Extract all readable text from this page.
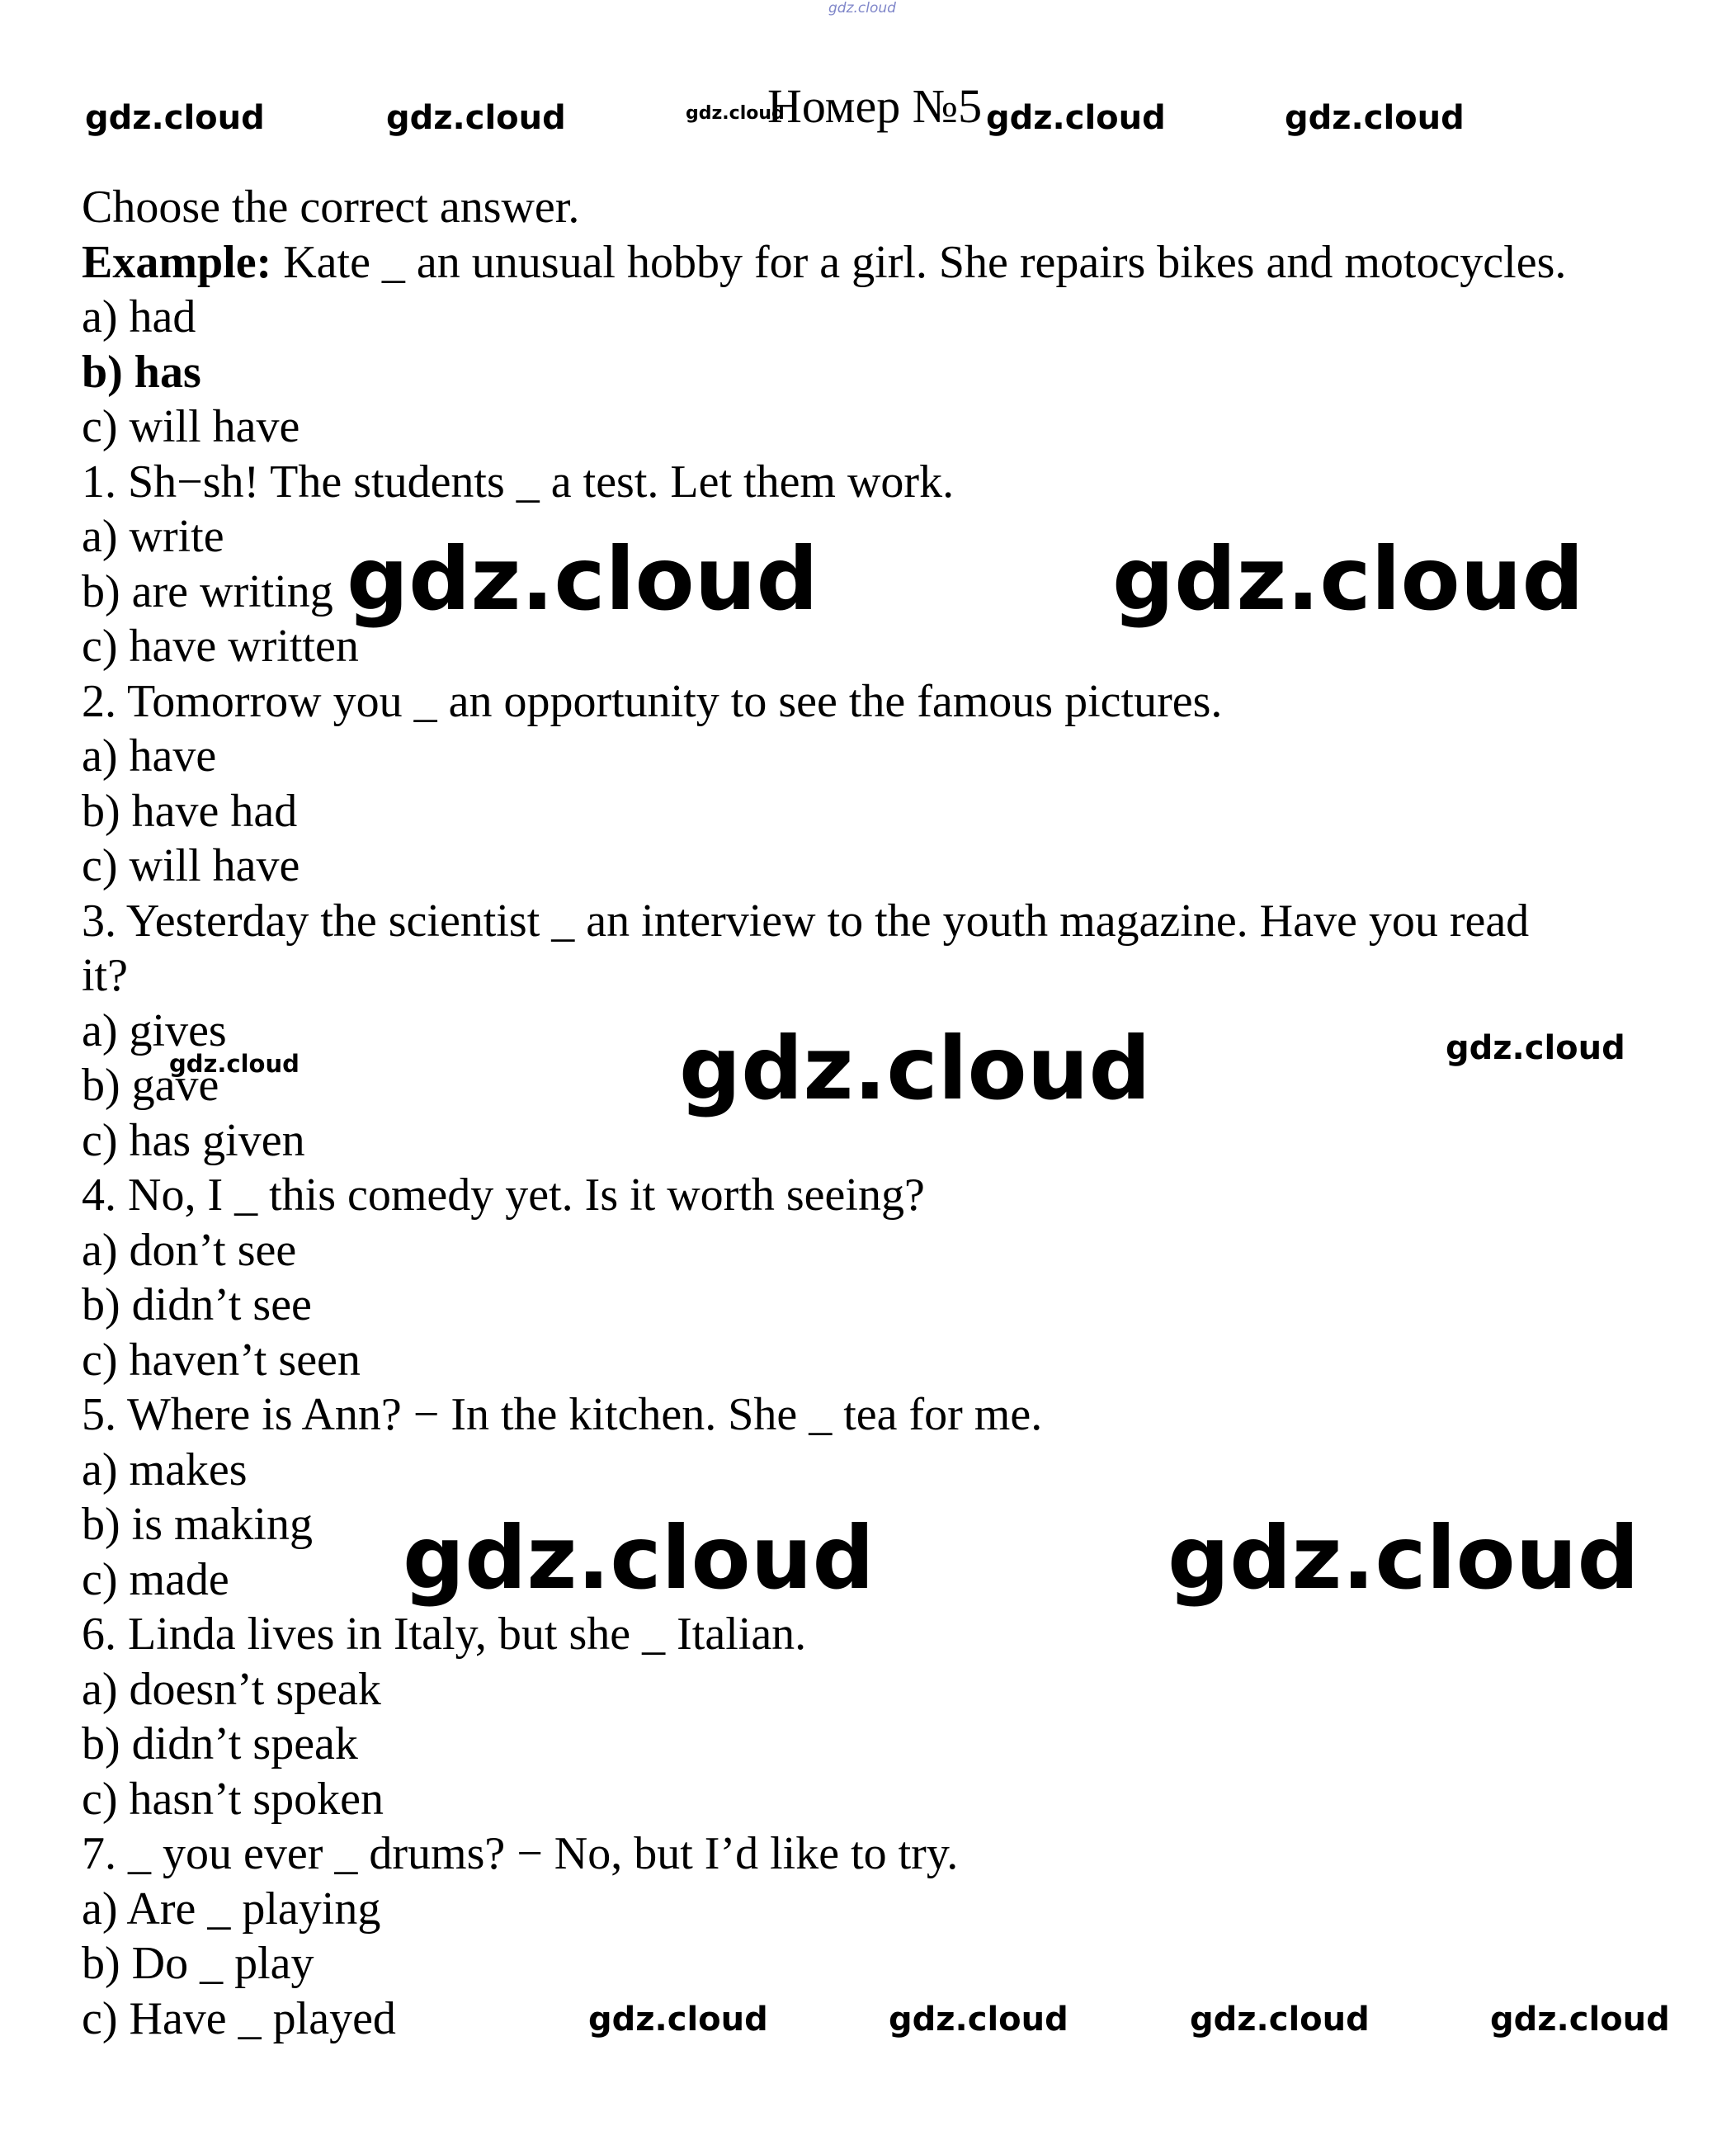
gdz.cloud
gdz.cloud	gdz.cloud	gdz.cloud	gdz.cloud	gdz.cloud
Номер №5
gdz.cloud	gdz.cloud
gdz.cloud	gdz.cloud
gdz.cloud
gdz.cloud	gdz.cloud
gdz.cloud	gdz.cloud	gdz.cloud	gdz.cloud
Choose the correct answer.
Example: Kate _ an unusual hobby for a girl. She repairs bikes and motocycles.
a) had
b) has
c) will have
1. Sh−sh! The students _ a test. Let them work.
a) write
b) are writing
c) have written
2. Tomorrow you _ an opportunity to see the famous pictures.
a) have
b) have had
c) will have
3. Yesterday the scientist _ an interview to the youth magazine. Have you read
it?
a) gives
b) gave
c) has given
4. No, I _ this comedy yet. Is it worth seeing?
a) don’t see
b) didn’t see
c) haven’t seen
5. Where is Ann? − In the kitchen. She _ tea for me.
a) makes
b) is making
c) made
6. Linda lives in Italy, but she _ Italian.
a) doesn’t speak
b) didn’t speak
c) hasn’t spoken
7. _ you ever _ drums? − No, but I’d like to try.
a) Are _ playing
b) Do _ play
c) Have _ played
